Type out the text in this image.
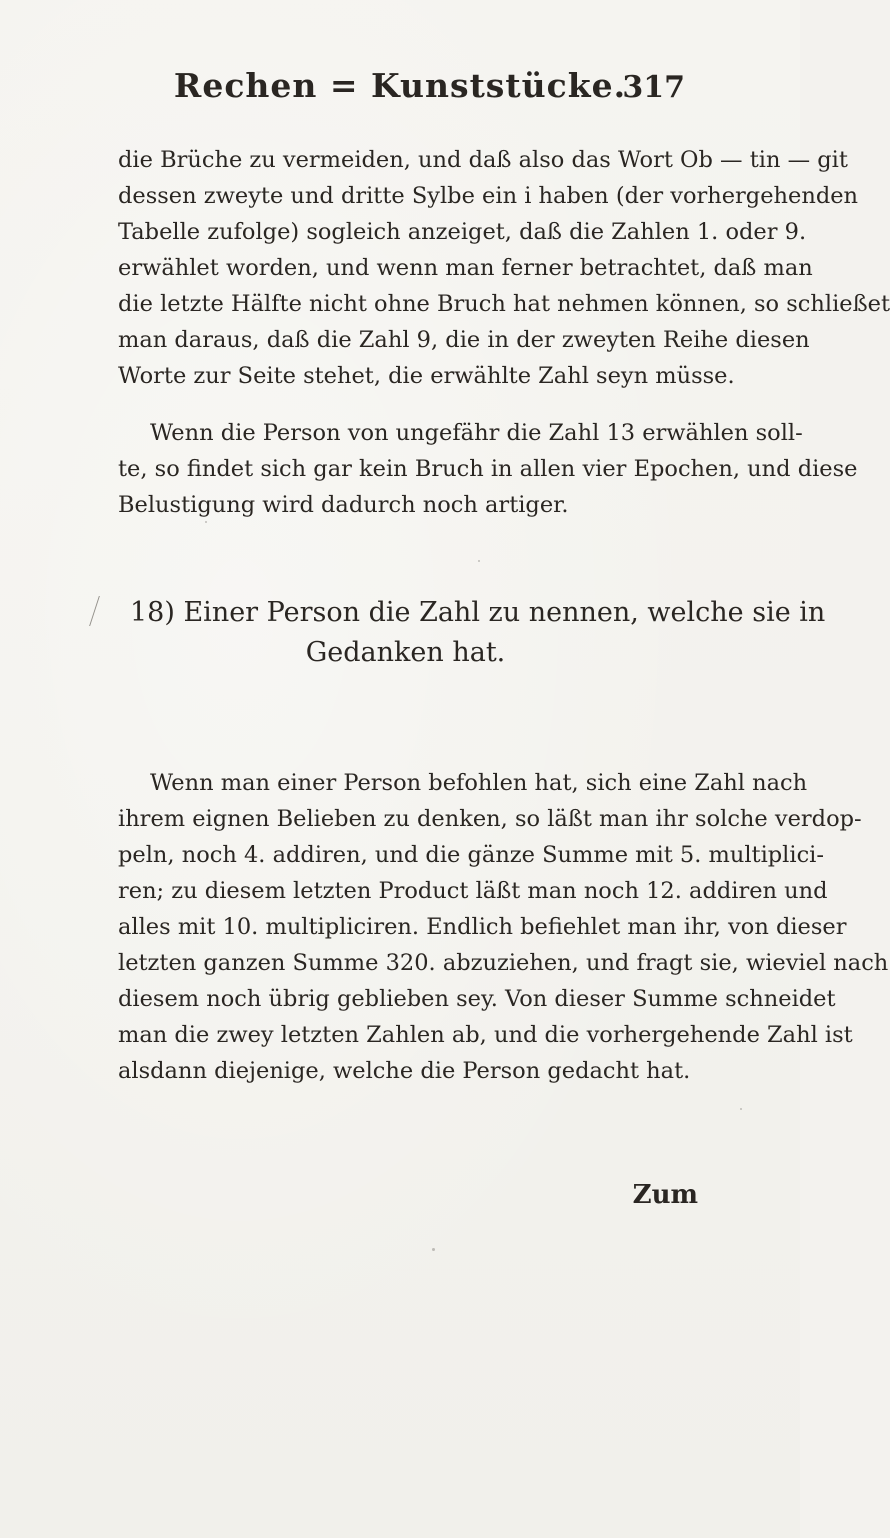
Rechen = Kunststücke.
317
die Brüche zu vermeiden, und daß also das Wort Ob — tin — git
dessen zweyte und dritte Sylbe ein i haben (der vorhergehenden
Tabelle zufolge) sogleich anzeiget, daß die Zahlen 1. oder 9.
erwählet worden, und wenn man ferner betrachtet, daß man
die letzte Hälfte nicht ohne Bruch hat nehmen können, so schließet
man daraus, daß die Zahl 9, die in der zweyten Reihe diesen
Worte zur Seite stehet, die erwählte Zahl seyn müsse.
Wenn die Person von ungefähr die Zahl 13 erwählen soll-
te, so findet sich gar kein Bruch in allen vier Epochen, und diese
Belustigung wird dadurch noch artiger.
18) Einer Person die Zahl zu nennen, welche sie in
Gedanken hat.
Wenn man einer Person befohlen hat, sich eine Zahl nach
ihrem eignen Belieben zu denken, so läßt man ihr solche verdop-
peln, noch 4. addiren, und die gänze Summe mit 5. multiplici-
ren; zu diesem letzten Product läßt man noch 12. addiren und
alles mit 10. multipliciren. Endlich befiehlet man ihr, von dieser
letzten ganzen Summe 320. abzuziehen, und fragt sie, wieviel nach
diesem noch übrig geblieben sey. Von dieser Summe schneidet
man die zwey letzten Zahlen ab, und die vorhergehende Zahl ist
alsdann diejenige, welche die Person gedacht hat.
Zum
